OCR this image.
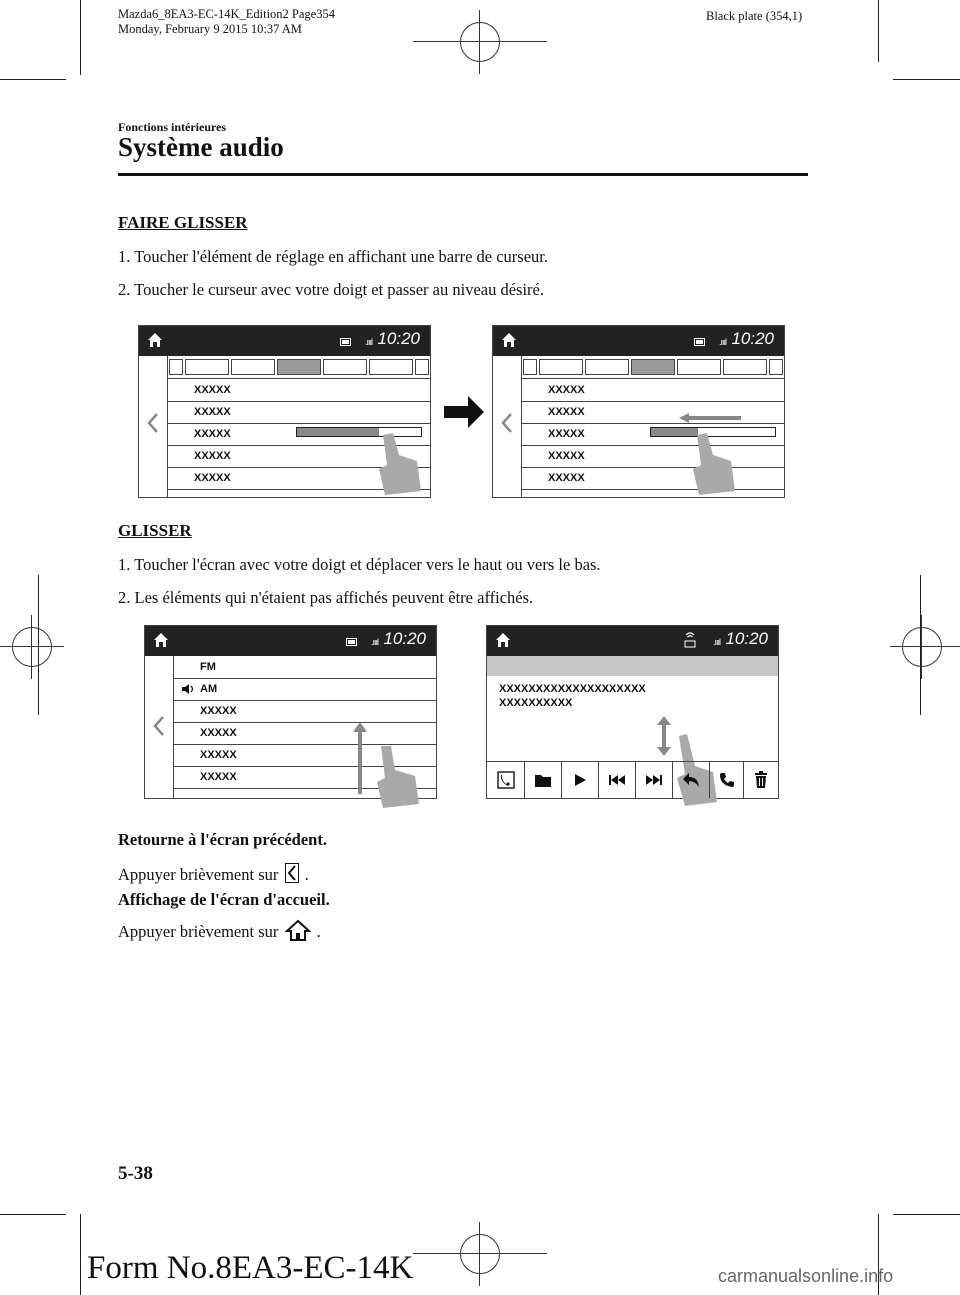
Mazda6_8EA3-EC-14K_Edition2 Page354
Monday, February 9 2015 10:37 AM
Black plate (354,1)
Fonctions intérieures
Système audio
FAIRE GLISSER
1. Toucher l'élément de réglage en affichant une barre de curseur.
2. Toucher le curseur avec votre doigt et passer au niveau désiré.
.ıııl 10:20
XXXXX
XXXXX
XXXXX
XXXXX
XXXXX
.ıııl 10:20
XXXXX
XXXXX
XXXXX
XXXXX
XXXXX
GLISSER
1. Toucher l'écran avec votre doigt et déplacer vers le haut ou vers le bas.
2. Les éléments qui n'étaient pas affichés peuvent être affichés.
.ıııl 10:20
FM
AM
XXXXX
XXXXX
XXXXX
XXXXX
.ıııl 10:20
XXXXXXXXXXXXXXXXXXXX
XXXXXXXXXX
Retourne à l'écran précédent.
Appuyer brièvement sur .
Affichage de l'écran d'accueil.
Appuyer brièvement sur .
5-38
Form No.8EA3-EC-14K	carmanualsonline.info
